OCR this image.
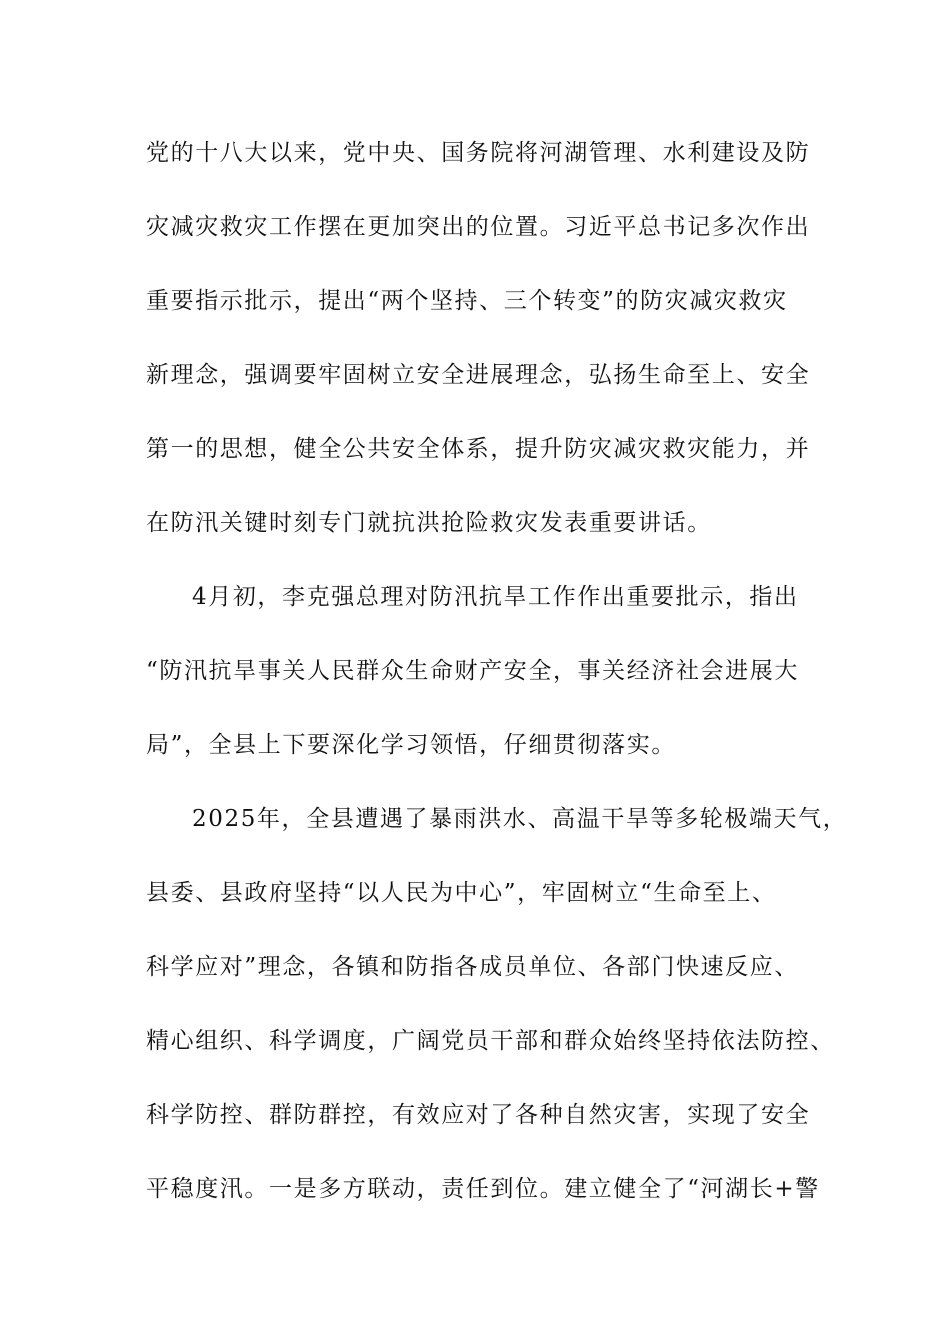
党的十八大以来，党中央、国务院将河湖管理、水利建设及防
灾减灾救灾工作摆在更加突出的位置。习近平总书记多次作出
重要指示批示，提出“两个坚持、三个转变”的防灾减灾救灾
新理念，强调要牢固树立安全进展理念，弘扬生命至上、安全
第一的思想，健全公共安全体系，提升防灾减灾救灾能力，并
在防汛关键时刻专门就抗洪抢险救灾发表重要讲话。
4月初，李克强总理对防汛抗旱工作作出重要批示，指出
“防汛抗旱事关人民群众生命财产安全，事关经济社会进展大
局”，全县上下要深化学习领悟，仔细贯彻落实。
2025年，全县遭遇了暴雨洪水、高温干旱等多轮极端天气，
县委、县政府坚持“以人民为中心”，牢固树立“生命至上、
科学应对”理念，各镇和防指各成员单位、各部门快速反应、
精心组织、科学调度，广阔党员干部和群众始终坚持依法防控、
科学防控、群防群控，有效应对了各种自然灾害，实现了安全
平稳度汛。一是多方联动，责任到位。建立健全了“河湖长+警
